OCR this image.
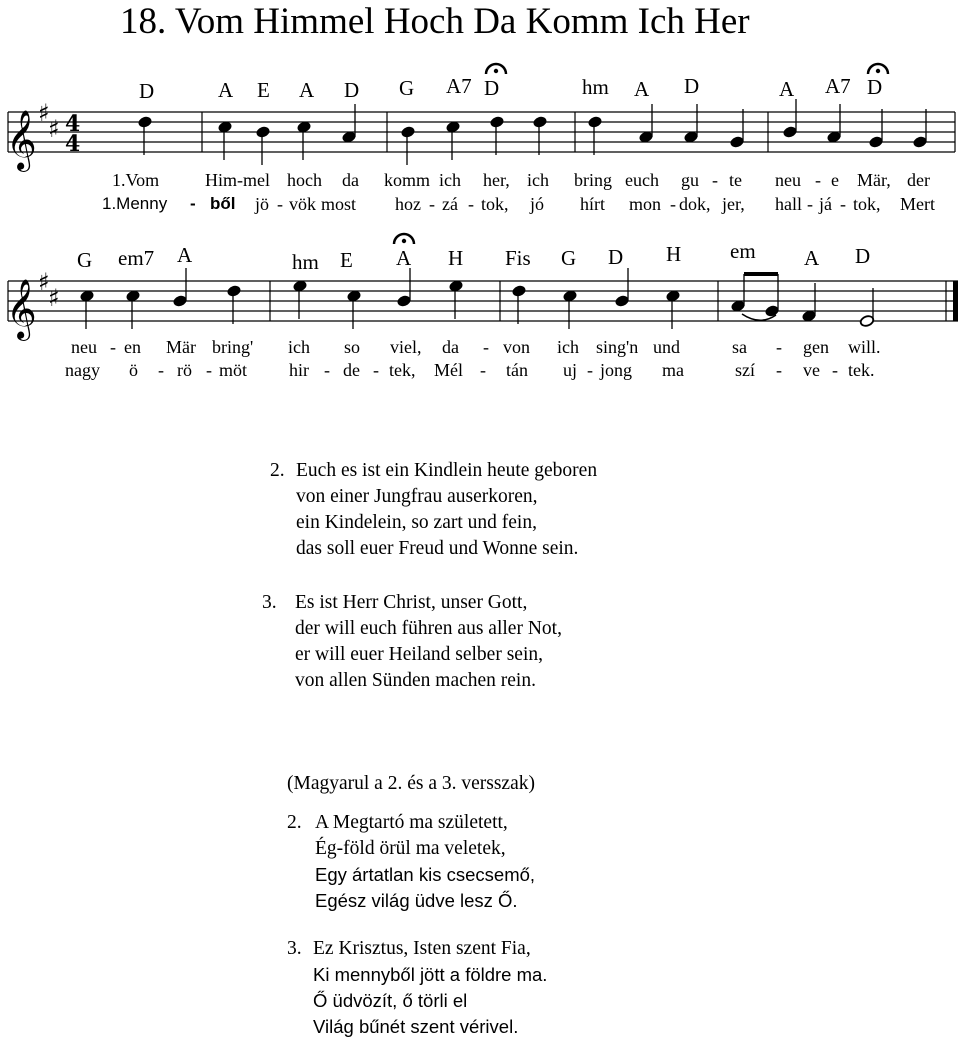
18. Vom Himmel Hoch Da Komm Ich Her
D	A E A D G A7 D	hm A D	A A7 D
1.Vom	Him-mel hoch da komm ich her, ich bring euch gu - te neu - e Mär, der
1.Menny - ből jö - vök most hoz - zá - tok, jó hírt mon - dok, jer, hall - já - tok, Mert
G em7 A	hm E A H Fis G D H em A D
neu - en Mär bring' ich so viel, da - von ich sing'n und	sa - gen will.
nagy ö - rö - möt hir - de - tek, Mél - tán uj - jong ma	szí - ve - tek.
𝄞 ♯
♯ 4
4
𝄞 ♯
♯
2. Euch es ist ein Kindlein heute geboren
von einer Jungfrau auserkoren,
ein Kindelein, so zart und fein,
das soll euer Freud und Wonne sein.
3. Es ist Herr Christ, unser Gott,
der will euch führen aus aller Not,
er will euer Heiland selber sein,
von allen Sünden machen rein.
(Magyarul a 2. és a 3. versszak)
2. A Megtartó ma született,
Ég-föld örül ma veletek,
Egy ártatlan kis csecsemő,
Egész világ üdve lesz Ő.
3. Ez Krisztus, Isten szent Fia,
Ki mennyből jött a földre ma.
Ő üdvözít, ő törli el
Világ bűnét szent vérivel.
